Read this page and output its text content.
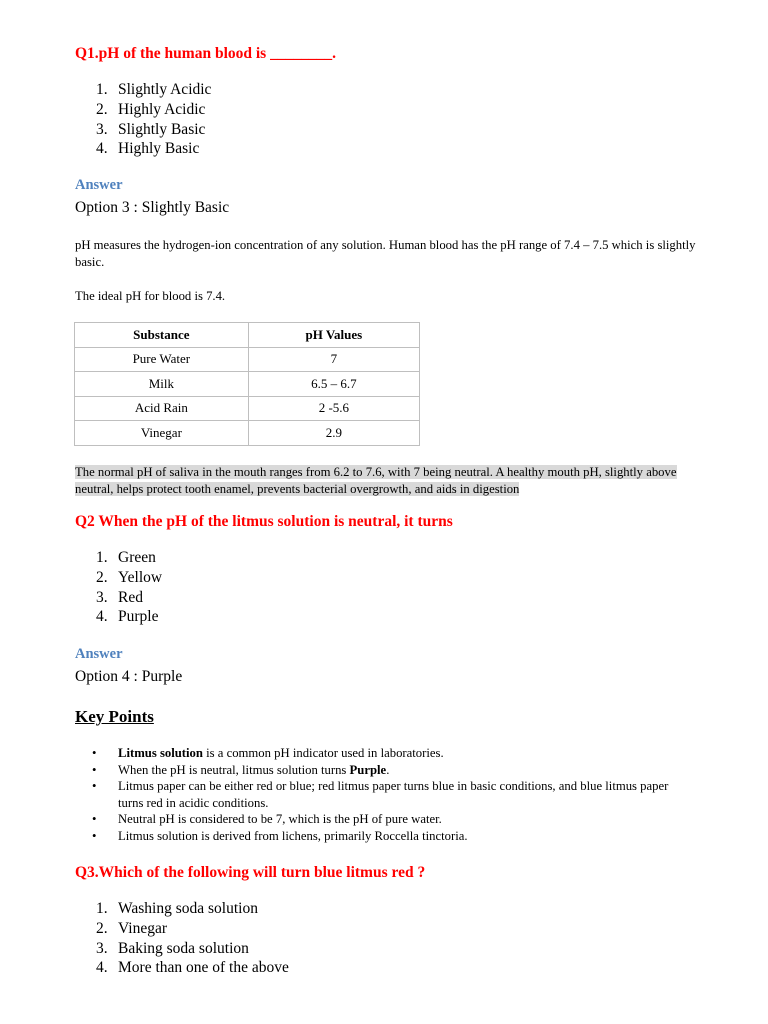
Q1.pH of the human blood is ________.

1. Slightly Acidic
2. Highly Acidic
3. Slightly Basic
4. Highly Basic

Answer

Option 3 : Slightly Basic

pH measures the hydrogen-ion concentration of any solution. Human blood has the pH range of 7.4 – 7.5 which is slightly basic.

The ideal pH for blood is 7.4.

Substance	pH Values
Pure Water	7
Milk	6.5 – 6.7
Acid Rain	2 -5.6
Vinegar	2.9

The normal pH of saliva in the mouth ranges from 6.2 to 7.6, with 7 being neutral. A healthy mouth pH, slightly above neutral, helps protect tooth enamel, prevents bacterial overgrowth, and aids in digestion

Q2 When the pH of the litmus solution is neutral, it turns

1. Green
2. Yellow
3. Red
4. Purple

Answer

Option 4 : Purple

Key Points

• Litmus solution is a common pH indicator used in laboratories.
• When the pH is neutral, litmus solution turns Purple.
• Litmus paper can be either red or blue; red litmus paper turns blue in basic conditions, and blue litmus paper turns red in acidic conditions.
• Neutral pH is considered to be 7, which is the pH of pure water.
• Litmus solution is derived from lichens, primarily Roccella tinctoria.

Q3.Which of the following will turn blue litmus red ?

1. Washing soda solution
2. Vinegar
3. Baking soda solution
4. More than one of the above
